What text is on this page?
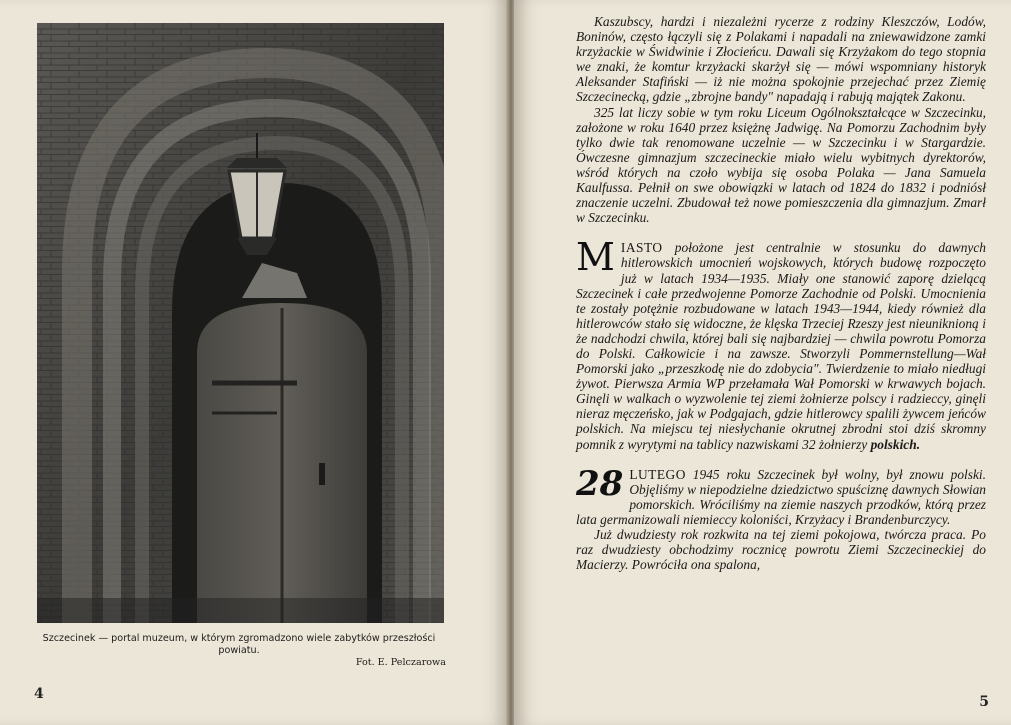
Szczecinek — portal muzeum, w którym zgromadzono wiele zabytków przeszłości powiatu.
Fot. E. Pelczarowa
4

Kaszubscy, hardzi i niezależni rycerze z rodziny Kleszczów, Lodów, Boninów, często łączyli się z Polakami i napadali na zniewawidzone zamki krzyżackie w Świdwinie i Złocieńcu. Dawali się Krzyżakom do tego stopnia we znaki, że komtur krzyżacki skarżył się — mówi wspomniany historyk Aleksander Stafiński — iż nie można spokojnie przejechać przez Ziemię Szczecinecką, gdzie „zbrojne bandy" napadają i rabują majątek Zakonu.

325 lat liczy sobie w tym roku Liceum Ogólnokształcące w Szczecinku, założone w roku 1640 przez księżnę Jadwigę. Na Pomorzu Zachodnim były tylko dwie tak renomowane uczelnie — w Szczecinku i w Stargardzie. Ówczesne gimnazjum szczecineckie miało wielu wybitnych dyrektorów, wśród których na czoło wybija się osoba Polaka — Jana Samuela Kaulfussa. Pełnił on swe obowiązki w latach od 1824 do 1832 i podniósł znaczenie uczelni. Zbudował też nowe pomieszczenia dla gimnazjum. Zmarł w Szczecinku.

MIASTO położone jest centralnie w stosunku do dawnych hitlerowskich umocnień wojskowych, których budowę rozpoczęto już w latach 1934—1935. Miały one stanowić zaporę dzielącą Szczecinek i całe przedwojenne Pomorze Zachodnie od Polski. Umocnienia te zostały potężnie rozbudowane w latach 1943—1944, kiedy również dla hitlerowców stało się widoczne, że klęska Trzeciej Rzeszy jest nieuniknioną i że nadchodzi chwila, której bali się najbardziej — chwila powrotu Pomorza do Polski. Całkowicie i na zawsze. Stworzyli Pommernstellung—Wał Pomorski jako „przeszkodę nie do zdobycia". Twierdzenie to miało niedługi żywot. Pierwsza Armia WP przełamała Wał Pomorski w krwawych bojach. Ginęli w walkach o wyzwolenie tej ziemi żołnierze polscy i radzieccy, ginęli nieraz męczeńsko, jak w Podgajach, gdzie hitlerowcy spalili żywcem jeńców polskich. Na miejscu tej niesłychanie okrutnej zbrodni stoi dziś skromny pomnik z wyrytymi na tablicy nazwiskami 32 żołnierzy polskich.

28 LUTEGO 1945 roku Szczecinek był wolny, był znowu polski. Objęliśmy w niepodzielne dziedzictwo spuściznę dawnych Słowian pomorskich. Wróciliśmy na ziemie naszych przodków, którą przez lata germanizowali niemieccy koloniści, Krzyżacy i Brandenburczycy.

Już dwudziesty rok rozkwita na tej ziemi pokojowa, twórcza praca. Po raz dwudziesty obchodzimy rocznicę powrotu Ziemi Szczecineckiej do Macierzy. Powróciła ona spalona,

5
